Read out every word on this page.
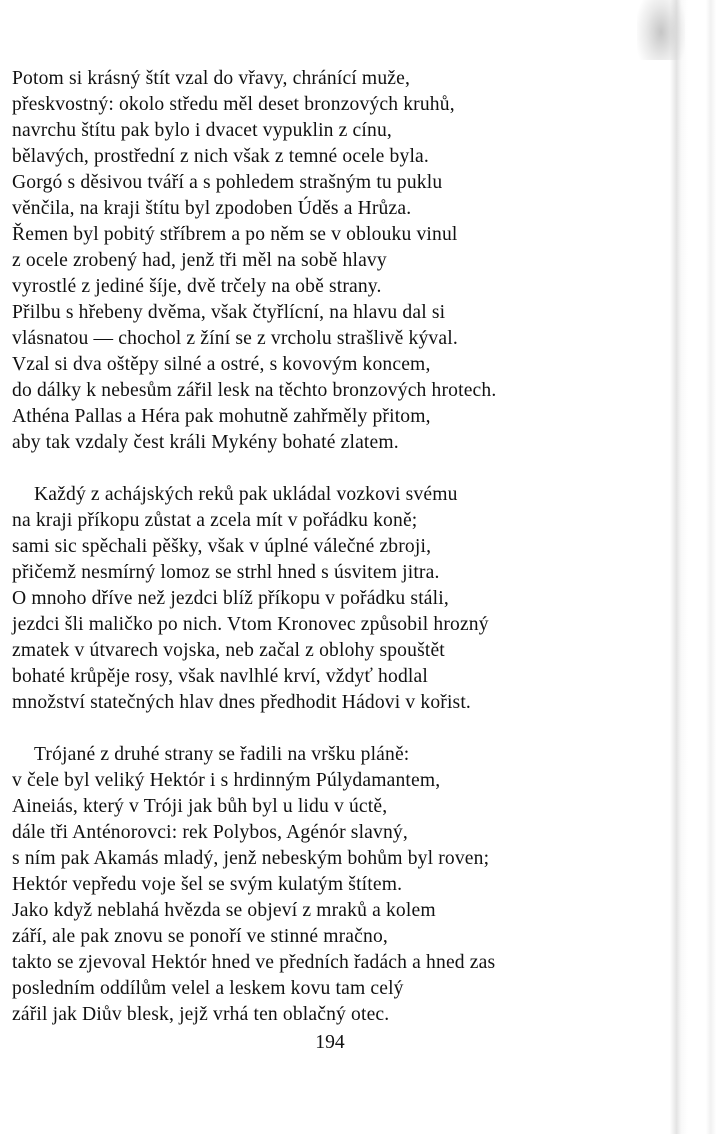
Potom si krásný štít vzal do vřavy, chránící muže,
přeskvostný: okolo středu měl deset bronzových kruhů,
navrchu štítu pak bylo i dvacet vypuklin z cínu,
bělavých, prostřední z nich však z temné ocele byla.
Gorgó s děsivou tváří a s pohledem strašným tu puklu
věnčila, na kraji štítu byl zpodoben Úděs a Hrůza.
Řemen byl pobitý stříbrem a po něm se v oblouku vinul
z ocele zrobený had, jenž tři měl na sobě hlavy
vyrostlé z jediné šíje, dvě trčely na obě strany.
Přilbu s hřebeny dvěma, však čtyřlícní, na hlavu dal si
vlásnatou — chochol z žíní se z vrcholu strašlivě kýval.
Vzal si dva oštěpy silné a ostré, s kovovým koncem,
do dálky k nebesům zářil lesk na těchto bronzových hrotech.
Athéna Pallas a Héra pak mohutně zahřměly přitom,
aby tak vzdaly čest králi Mykény bohaté zlatem.

Každý z achájských reků pak ukládal vozkovi svému
na kraji příkopu zůstat a zcela mít v pořádku koně;
sami sic spěchali pěšky, však v úplné válečné zbroji,
přičemž nesmírný lomoz se strhl hned s úsvitem jitra.
O mnoho dříve než jezdci blíž příkopu v pořádku stáli,
jezdci šli maličko po nich. Vtom Kronovec způsobil hrozný
zmatek v útvarech vojska, neb začal z oblohy spouštět
bohaté krůpěje rosy, však navlhlé krví, vždyť hodlal
množství statečných hlav dnes předhodit Hádovi v kořist.

Trójané z druhé strany se řadili na vršku pláně:
v čele byl veliký Hektór i s hrdinným Púlydamantem,
Aineiás, který v Tróji jak bůh byl u lidu v úctě,
dále tři Anténorovci: rek Polybos, Agénór slavný,
s ním pak Akamás mladý, jenž nebeským bohům byl roven;
Hektór vepředu voje šel se svým kulatým štítem.
Jako když neblahá hvězda se objeví z mraků a kolem
září, ale pak znovu se ponoří ve stinné mračno,
takto se zjevoval Hektór hned ve předních řadách a hned zas
posledním oddílům velel a leskem kovu tam celý
zářil jak Diův blesk, jejž vrhá ten oblačný otec.

194
